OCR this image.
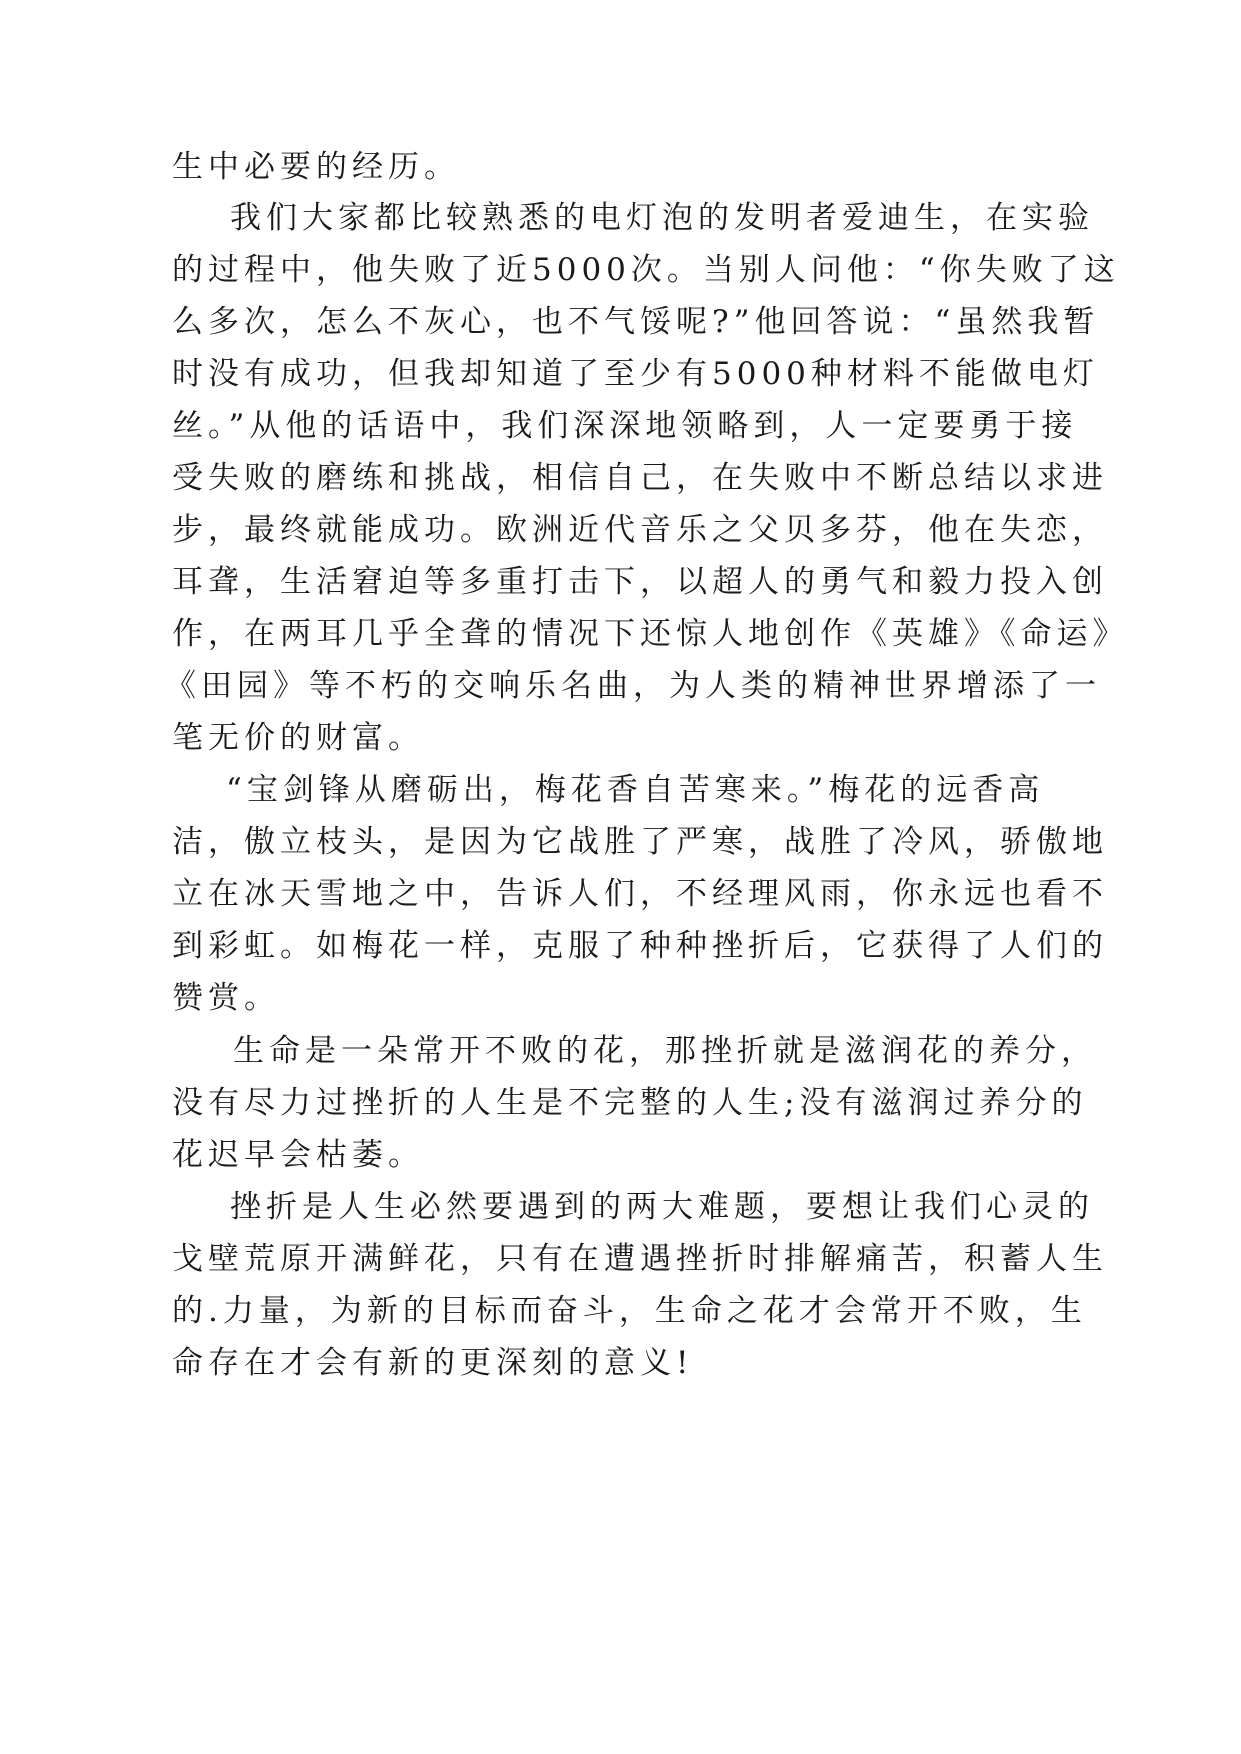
生中必要的经历。
我们大家都比较熟悉的电灯泡的发明者爱迪生，在实验
的过程中，他失败了近5000次。当别人问他：“你失败了这
么多次，怎么不灰心，也不气馁呢?”他回答说：“虽然我暂
时没有成功，但我却知道了至少有5000种材料不能做电灯
丝。”从他的话语中，我们深深地领略到，人一定要勇于接
受失败的磨练和挑战，相信自己，在失败中不断总结以求进
步，最终就能成功。欧洲近代音乐之父贝多芬，他在失恋，
耳聋，生活窘迫等多重打击下，以超人的勇气和毅力投入创
作，在两耳几乎全聋的情况下还惊人地创作《英雄》《命运》
《田园》等不朽的交响乐名曲，为人类的精神世界增添了一
笔无价的财富。
“宝剑锋从磨砺出，梅花香自苦寒来。”梅花的远香高
洁，傲立枝头，是因为它战胜了严寒，战胜了冷风，骄傲地
立在冰天雪地之中，告诉人们，不经理风雨，你永远也看不
到彩虹。如梅花一样，克服了种种挫折后，它获得了人们的
赞赏。
生命是一朵常开不败的花，那挫折就是滋润花的养分，
没有尽力过挫折的人生是不完整的人生;没有滋润过养分的
花迟早会枯萎。
挫折是人生必然要遇到的两大难题，要想让我们心灵的
戈壁荒原开满鲜花，只有在遭遇挫折时排解痛苦，积蓄人生
的.力量，为新的目标而奋斗，生命之花才会常开不败，生
命存在才会有新的更深刻的意义!
